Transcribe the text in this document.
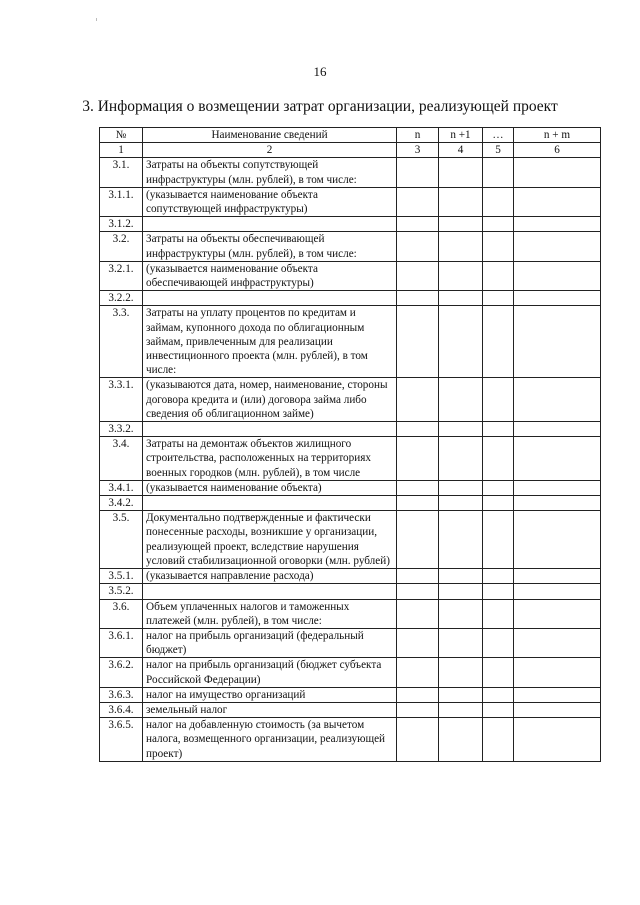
16
3. Информация о возмещении затрат организации, реализующей проект
№	Наименование сведений	n	n +1	…	n + m
1	2	3	4	5	6
3.1.	Затраты на объекты сопутствующей инфраструктуры (млн. рублей), в том числе:				
3.1.1.	(указывается наименование объекта сопутствующей инфраструктуры)				
3.1.2.					
3.2.	Затраты на объекты обеспечивающей инфраструктуры (млн. рублей), в том числе:				
3.2.1.	(указывается наименование объекта обеспечивающей инфраструктуры)				
3.2.2.					
3.3.	Затраты на уплату процентов по кредитам и займам, купонного дохода по облигационным займам, привлеченным для реализации инвестиционного проекта (млн. рублей), в том числе:				
3.3.1.	(указываются дата, номер, наименование, стороны договора кредита и (или) договора займа либо сведения об облигационном займе)				
3.3.2.					
3.4.	Затраты на демонтаж объектов жилищного строительства, расположенных на территориях военных городков (млн. рублей), в том числе				
3.4.1.	(указывается наименование объекта)				
3.4.2.					
3.5.	Документально подтвержденные и фактически понесенные расходы, возникшие у организации, реализующей проект, вследствие нарушения условий стабилизационной оговорки (млн. рублей)				
3.5.1.	(указывается направление расхода)				
3.5.2.					
3.6.	Объем уплаченных налогов и таможенных платежей (млн. рублей), в том числе:				
3.6.1.	налог на прибыль организаций (федеральный бюджет)				
3.6.2.	налог на прибыль организаций (бюджет субъекта Российской Федерации)				
3.6.3.	налог на имущество организаций				
3.6.4.	земельный налог				
3.6.5.	налог на добавленную стоимость (за вычетом налога, возмещенного организации, реализующей проект)				
